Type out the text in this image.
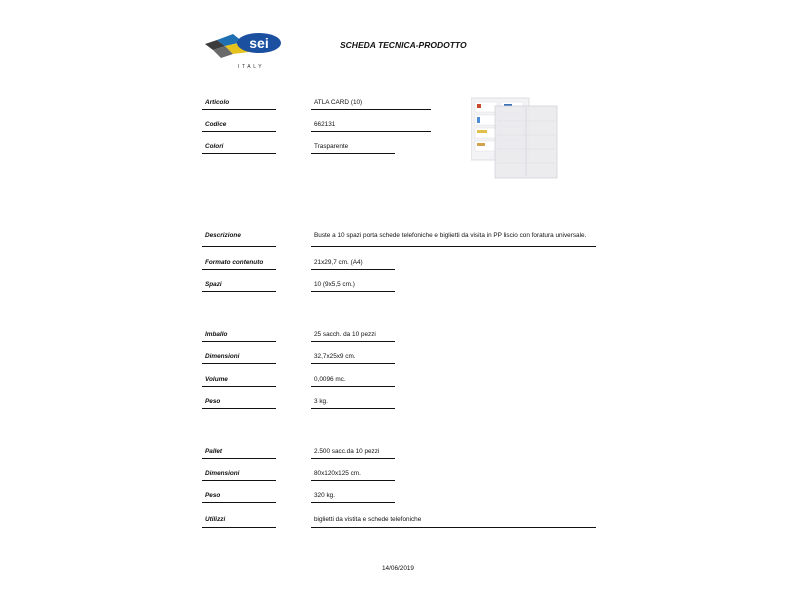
sei
ITALY
SCHEDA TECNICA-PRODOTTO
Articolo	ATLA CARD (10)
Codice	662131
Colori	Trasparente
Descrizione	Buste a 10 spazi porta schede telefoniche e biglietti da visita in PP liscio con foratura universale.
Formato contenuto	21x29,7 cm. (A4)
Spazi	10 (9x5,5 cm.)
Imballo	25 sacch. da 10 pezzi
Dimensioni	32,7x25x9 cm.
Volume	0,0096 mc.
Peso	3 kg.
Pallet	2.500 sacc.da 10 pezzi
Dimensioni	80x120x125 cm.
Peso	320 kg.
Utilizzi	biglietti da vistita e schede telefoniche
14/06/2019
